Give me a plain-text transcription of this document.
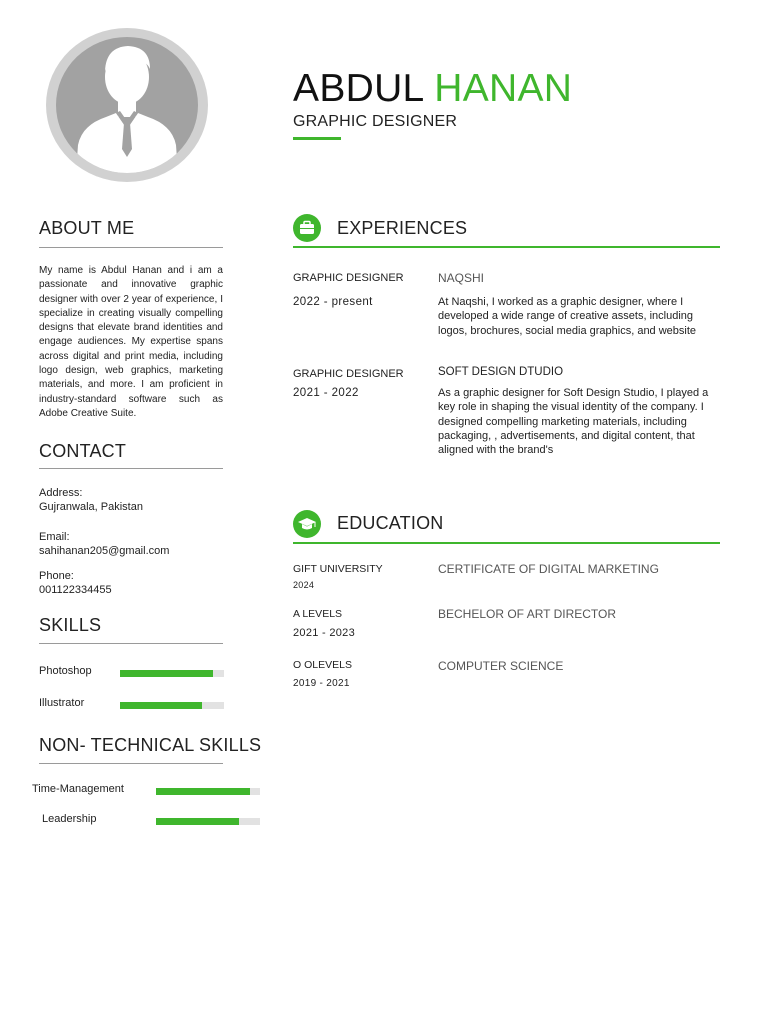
ABDUL HANAN
GRAPHIC DESIGNER
ABOUT ME
My name is Abdul Hanan and i am a passionate and innovative graphic designer with over 2 year of experience, I specialize in creating visually compelling designs that elevate brand identities and engage audiences. My expertise spans across digital and print media, including logo design, web graphics, marketing materials, and more. I am proficient in industry-standard software such as Adobe Creative Suite.
CONTACT
Address:
Gujranwala, Pakistan
Email:
sahihanan205@gmail.com
Phone:
001122334455
SKILLS
Photoshop
Illustrator
NON- TECHNICAL SKILLS
Time-Management
Leadership
EXPERIENCES
GRAPHIC DESIGNER
2022 - present
NAQSHI
At Naqshi, I worked as a graphic designer, where I developed a wide range of creative assets, including logos, brochures, social media graphics, and website
GRAPHIC DESIGNER
2021 - 2022
SOFT DESIGN DTUDIO
As a graphic designer for Soft Design Studio, I played a key role in shaping the visual identity of the company. I designed compelling marketing materials, including packaging, , advertisements, and digital content, that aligned with the brand's
EDUCATION
GIFT UNIVERSITY
2024
CERTIFICATE OF DIGITAL MARKETING
A LEVELS
2021 - 2023
BECHELOR OF ART DIRECTOR
O OLEVELS
2019 - 2021
COMPUTER SCIENCE
